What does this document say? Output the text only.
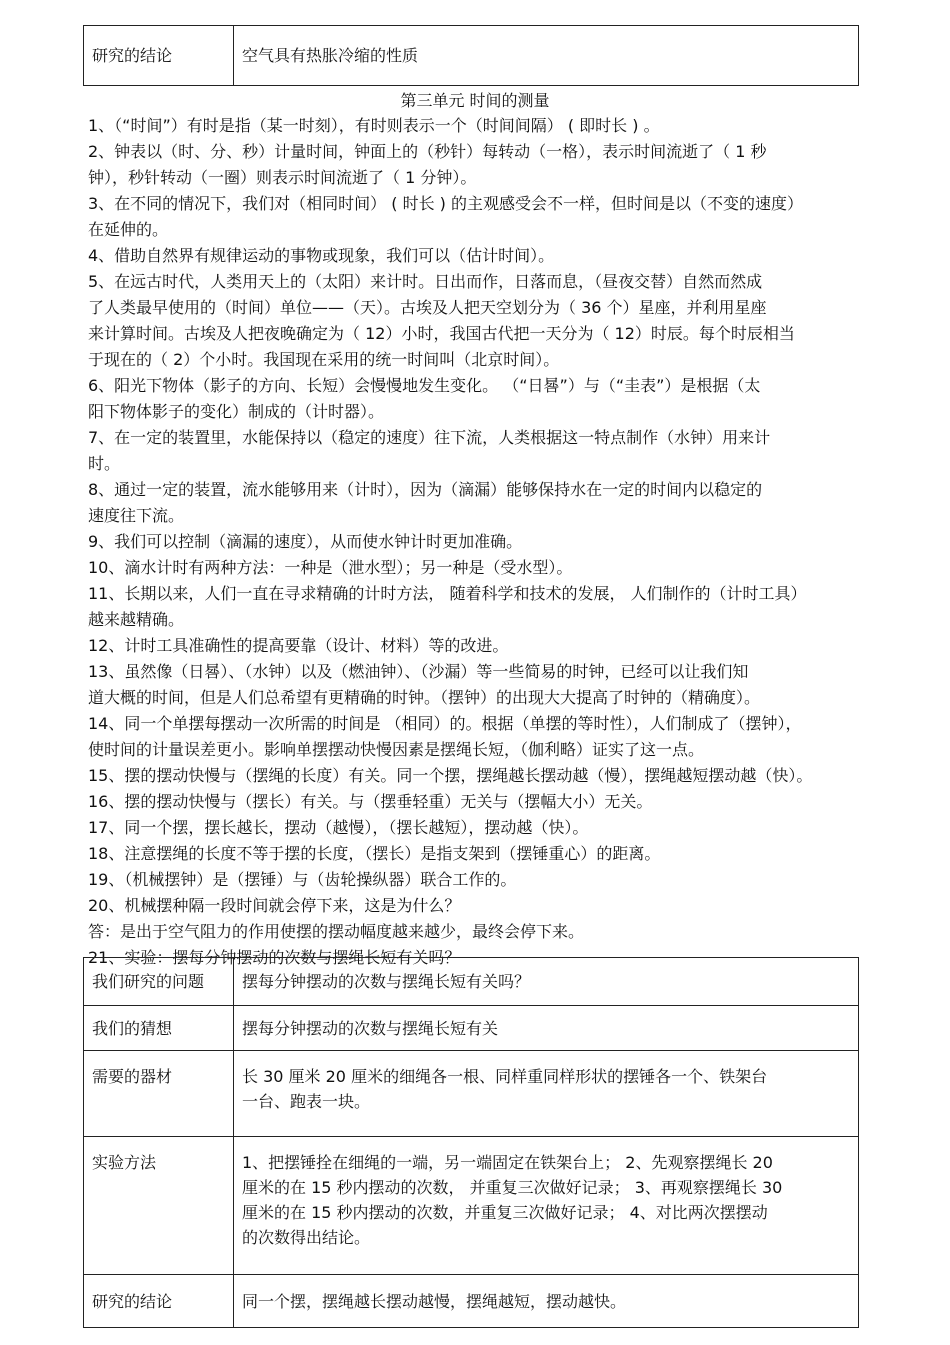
研究的结论	空气具有热胀冷缩的性质
第三单元 时间的测量

1、（“时间”）有时是指（某一时刻），有时则表示一个（时间间隔） ( 即时长 ) 。

2、钟表以（时、分、秒）计量时间，钟面上的（秒针）每转动（一格），表示时间流逝了（ 1 秒

钟），秒针转动（一圈）则表示时间流逝了（ 1 分钟）。

3、在不同的情况下，我们对（相同时间） ( 时长 ) 的主观感受会不一样，但时间是以（不变的速度）

在延伸的。

4、借助自然界有规律运动的事物或现象，我们可以（估计时间）。

5、在远古时代，人类用天上的（太阳）来计时。日出而作，日落而息，（昼夜交替）自然而然成

了人类最早使用的（时间）单位——（天）。古埃及人把天空划分为（ 36 个）星座，并利用星座

来计算时间。古埃及人把夜晚确定为（ 12）小时，我国古代把一天分为（ 12）时辰。每个时辰相当

于现在的（ 2）个小时。我国现在采用的统一时间叫（北京时间）。

6、阳光下物体（影子的方向、长短）会慢慢地发生变化。 （“日晷”）与（“圭表”）是根据（太

阳下物体影子的变化）制成的（计时器）。

7、在一定的装置里，水能保持以（稳定的速度）往下流，人类根据这一特点制作（水钟）用来计

时。

8、通过一定的装置，流水能够用来（计时），因为（滴漏）能够保持水在一定的时间内以稳定的

速度往下流。

9、我们可以控制（滴漏的速度），从而使水钟计时更加准确。

10、滴水计时有两种方法：一种是（泄水型）；另一种是（受水型）。

11、长期以来，人们一直在寻求精确的计时方法， 随着科学和技术的发展， 人们制作的（计时工具）

越来越精确。

12、计时工具准确性的提高要靠（设计、材料）等的改进。

13、虽然像（日晷）、（水钟）以及（燃油钟）、（沙漏）等一些简易的时钟，已经可以让我们知

道大概的时间，但是人们总希望有更精确的时钟。（摆钟）的出现大大提高了时钟的（精确度）。

14、同一个单摆每摆动一次所需的时间是 （相同）的。根据（单摆的等时性），人们制成了（摆钟），

使时间的计量误差更小。影响单摆摆动快慢因素是摆绳长短，（伽利略）证实了这一点。

15、摆的摆动快慢与（摆绳的长度）有关。同一个摆，摆绳越长摆动越（慢），摆绳越短摆动越（快）。

16、摆的摆动快慢与（摆长）有关。与（摆垂轻重）无关与（摆幅大小）无关。

17、同一个摆，摆长越长，摆动（越慢），（摆长越短），摆动越（快）。

18、注意摆绳的长度不等于摆的长度，（摆长）是指支架到（摆锤重心）的距离。

19、（机械摆钟）是（摆锤）与（齿轮操纵器）联合工作的。

20、机械摆种隔一段时间就会停下来，这是为什么？

答：是出于空气阻力的作用使摆的摆动幅度越来越少，最终会停下来。

21、实验：摆每分钟摆动的次数与摆绳长短有关吗？

我们研究的问题	摆每分钟摆动的次数与摆绳长短有关吗？

我们的猜想	摆每分钟摆动的次数与摆绳长短有关

需要的器材	长 30 厘米 20 厘米的细绳各一根、同样重同样形状的摆锤各一个、铁架台
一台、跑表一块。

实验方法	1、把摆锤拴在细绳的一端，另一端固定在铁架台上； 2、先观察摆绳长 20
厘米的在 15 秒内摆动的次数， 并重复三次做好记录； 3、再观察摆绳长 30
厘米的在 15 秒内摆动的次数，并重复三次做好记录； 4、对比两次摆摆动
的次数得出结论。

研究的结论	同一个摆，摆绳越长摆动越慢，摆绳越短，摆动越快。
